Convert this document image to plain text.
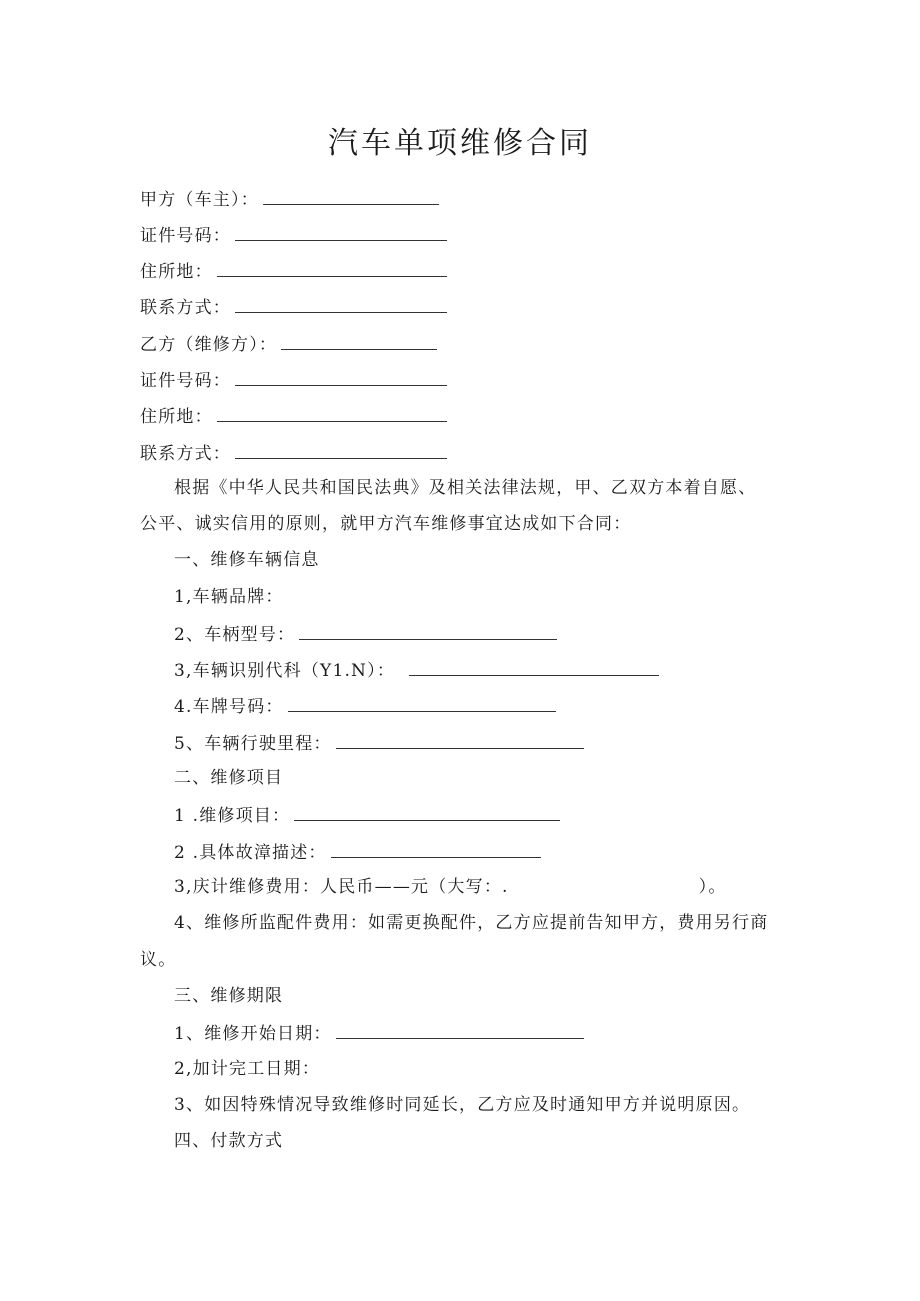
汽车单项维修合同
甲方（车主）：
证件号码：
住所地：
联系方式：
乙方（维修方）：
证件号码：
住所地：
联系方式：
根据《中华人民共和国民法典》及相关法律法规，甲、乙双方本着自愿、
公平、诚实信用的原则，就甲方汽车维修事宜达成如下合同：
一、维修车辆信息
1,车辆品牌：
2、车柄型号：
3,车辆识别代科（Y1.N）：
4.车牌号码：
5、车辆行驶里程：
二、维修项目
1 .维修项目：
2 .具体故漳描述：
3,庆计维修费用：人民币——元（大写：.	）。
4、维修所监配件费用：如需更换配件，乙方应提前告知甲方，费用另行商
议。
三、维修期限
1、维修开始日期：
2,加计完工日期：
3、如因特殊情况导致维修时同延长，乙方应及时通知甲方并说明原因。
四、付款方式
